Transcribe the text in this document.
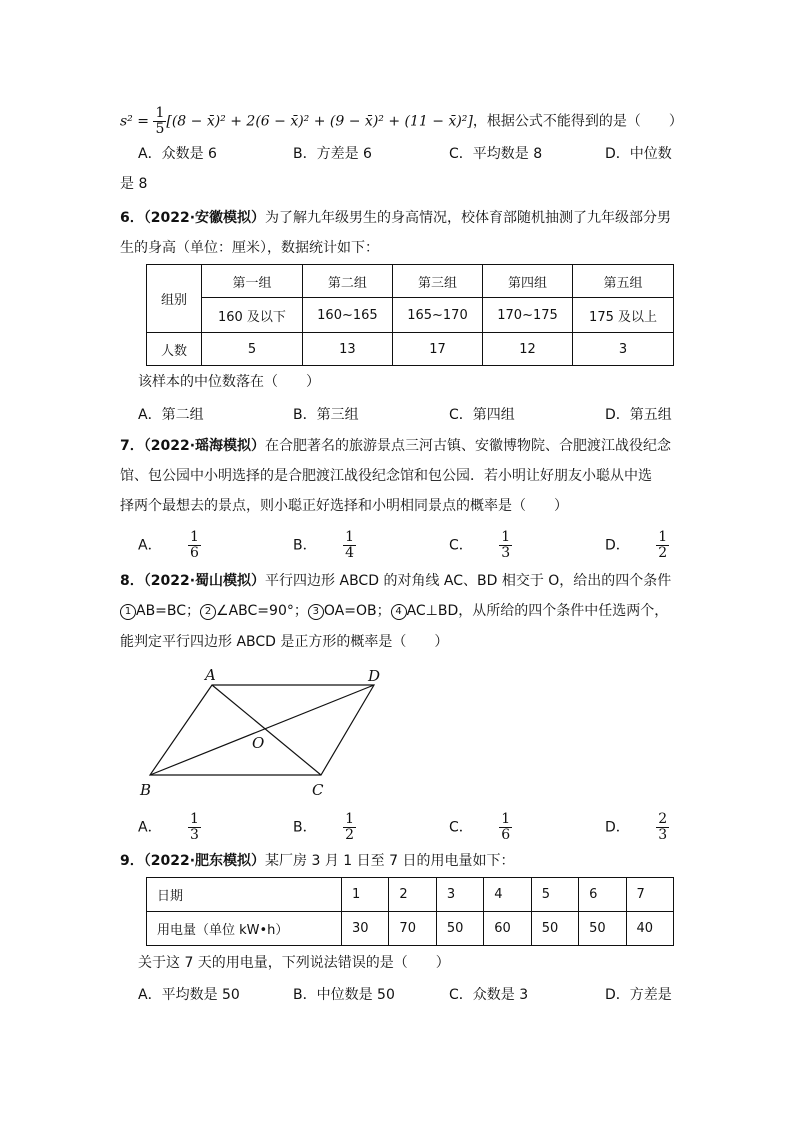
$s^2 = \frac{1}{5} [(8$ − x̄)² + 2(6 − x̄)² + (9 − x̄)² + (11 − x̄)²]，根据公式不能得到的是（　　）
A．众数是 6	B．方差是 6	C．平均数是 8	D．中位数
是 8
6．（2022·安徽模拟）为了解九年级男生的身高情况，校体育部随机抽测了九年级部分男
生的身高（单位：厘米），数据统计如下：
组别	第一组	第二组	第三组	第四组	第五组
	160 及以下	160~165	165~170	170~175	175 及以上
人数	5	13	17	12	3
该样本的中位数落在（　　）
A．第二组	B．第三组	C．第四组	D．第五组
7．（2022·瑶海模拟）在合肥著名的旅游景点三河古镇、安徽博物院、合肥渡江战役纪念
馆、包公园中小明选择的是合肥渡江战役纪念馆和包公园．若小明让好朋友小聪从中选
择两个最想去的景点，则小聪正好选择和小明相同景点的概率是（　　）
A． $\frac{1}{6}$	B． $\frac{1}{4}$	C． $\frac{1}{3}$	D． $\frac{1}{2}$
8．（2022·蜀山模拟）平行四边形 ABCD 的对角线 AC、BD 相交于 O，给出的四个条件
1 AB=BC； 2 ∠ABC=90°； 3 OA=OB； 4 AC⊥BD，从所给的四个条件中任选两个，
能判定平行四边形 ABCD 是正方形的概率是（　　）
A	D
O
B	C
A． $\frac{1}{3}$	B． $\frac{1}{2}$	C． $\frac{1}{6}$	D． $\frac{2}{3}$
9．（2022·肥东模拟）某厂房 3 月 1 日至 7 日的用电量如下：
日期	1	2	3	4	5	6	7
用电量（单位 kW•h）	30	70	50	60	50	50	40
关于这 7 天的用电量，下列说法错误的是（　　）
A．平均数是 50	B．中位数是 50	C．众数是 3	D．方差是
